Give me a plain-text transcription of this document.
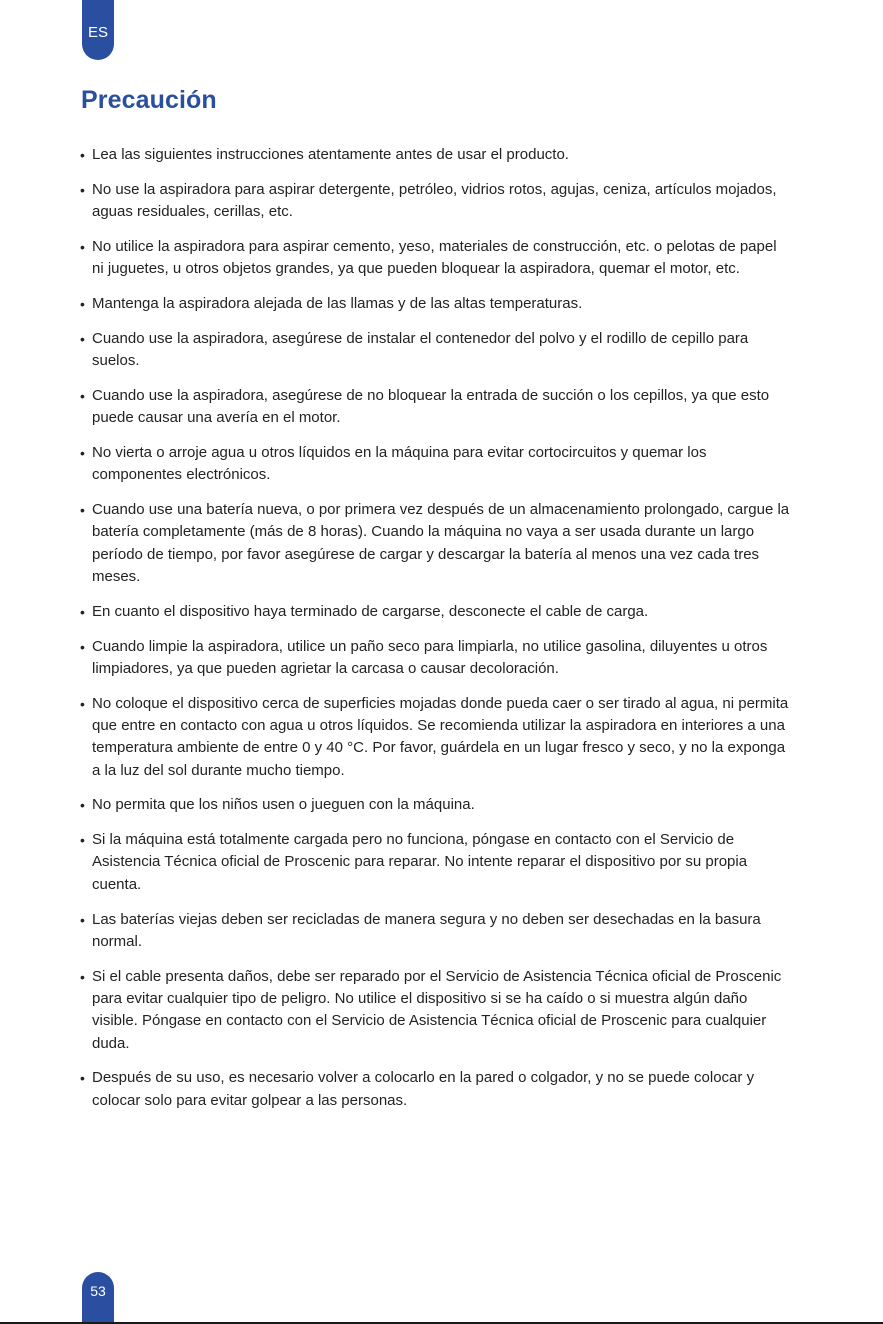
ES
Precaución
• Lea las siguientes instrucciones atentamente antes de usar el producto.
• No use la aspiradora para aspirar detergente, petróleo, vidrios rotos, agujas, ceniza, artículos mojados, aguas residuales, cerillas, etc.
• No utilice la aspiradora para aspirar cemento, yeso, materiales de construcción, etc. o pelotas de papel ni juguetes, u otros objetos grandes, ya que pueden bloquear la aspiradora, quemar el motor, etc.
• Mantenga la aspiradora alejada de las llamas y de las altas temperaturas.
• Cuando use la aspiradora, asegúrese de instalar el contenedor del polvo y el rodillo de cepillo para suelos.
• Cuando use la aspiradora, asegúrese de no bloquear la entrada de succión o los cepillos, ya que esto puede causar una avería en el motor.
• No vierta o arroje agua u otros líquidos en la máquina para evitar cortocircuitos y quemar los componentes electrónicos.
• Cuando use una batería nueva, o por primera vez después de un almacenamiento prolongado, cargue la batería completamente (más de 8 horas). Cuando la máquina no vaya a ser usada durante un largo período de tiempo, por favor asegúrese de cargar y descargar la batería al menos una vez cada tres meses.
• En cuanto el dispositivo haya terminado de cargarse, desconecte el cable de carga.
• Cuando limpie la aspiradora, utilice un paño seco para limpiarla, no utilice gasolina, diluyentes u otros limpiadores, ya que pueden agrietar la carcasa o causar decoloración.
• No coloque el dispositivo cerca de superficies mojadas donde pueda caer o ser tirado al agua, ni permita que entre en contacto con agua u otros líquidos. Se recomienda utilizar la aspiradora en interiores a una temperatura ambiente de entre 0 y 40 °C. Por favor, guárdela en un lugar fresco y seco, y no la exponga a la luz del sol durante mucho tiempo.
• No permita que los niños usen o jueguen con la máquina.
• Si la máquina está totalmente cargada pero no funciona, póngase en contacto con el Servicio de Asistencia Técnica oficial de Proscenic para reparar. No intente reparar el dispositivo por su propia cuenta.
• Las baterías viejas deben ser recicladas de manera segura y no deben ser desechadas en la basura normal.
• Si el cable presenta daños, debe ser reparado por el Servicio de Asistencia Técnica oficial de Proscenic para evitar cualquier tipo de peligro. No utilice el dispositivo si se ha caído o si muestra algún daño visible. Póngase en contacto con el Servicio de Asistencia Técnica oficial de Proscenic para cualquier duda.
• Después de su uso, es necesario volver a colocarlo en la pared o colgador, y no se puede colocar y colocar solo para evitar golpear a las personas.
53
